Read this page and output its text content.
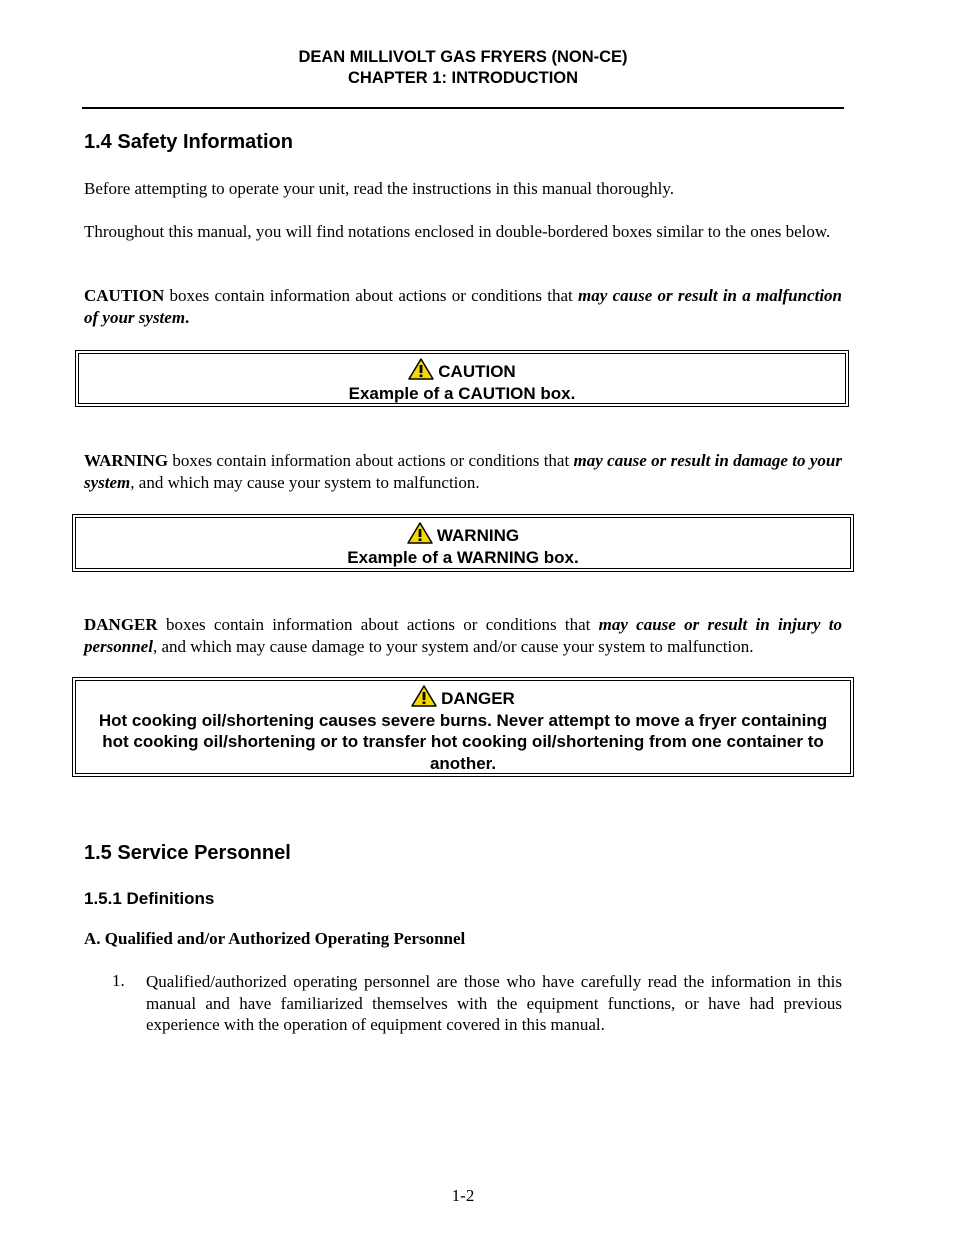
DEAN MILLIVOLT GAS FRYERS (NON-CE)
CHAPTER 1: INTRODUCTION
1.4 Safety Information
Before attempting to operate your unit, read the instructions in this manual thoroughly.
Throughout this manual, you will find notations enclosed in double-bordered boxes similar to the ones below.
CAUTION boxes contain information about actions or conditions that may cause or result in a malfunction of your system.
CAUTION
Example of a CAUTION box.
WARNING boxes contain information about actions or conditions that may cause or result in damage to your system, and which may cause your system to malfunction.
WARNING
Example of a WARNING box.
DANGER boxes contain information about actions or conditions that may cause or result in injury to personnel, and which may cause damage to your system and/or cause your system to malfunction.
DANGER
Hot cooking oil/shortening causes severe burns. Never attempt to move a fryer containing hot cooking oil/shortening or to transfer hot cooking oil/shortening from one container to another.
1.5 Service Personnel
1.5.1 Definitions
A. Qualified and/or Authorized Operating Personnel
1. Qualified/authorized operating personnel are those who have carefully read the information in this manual and have familiarized themselves with the equipment functions, or have had previous experience with the operation of equipment covered in this manual.
1-2
